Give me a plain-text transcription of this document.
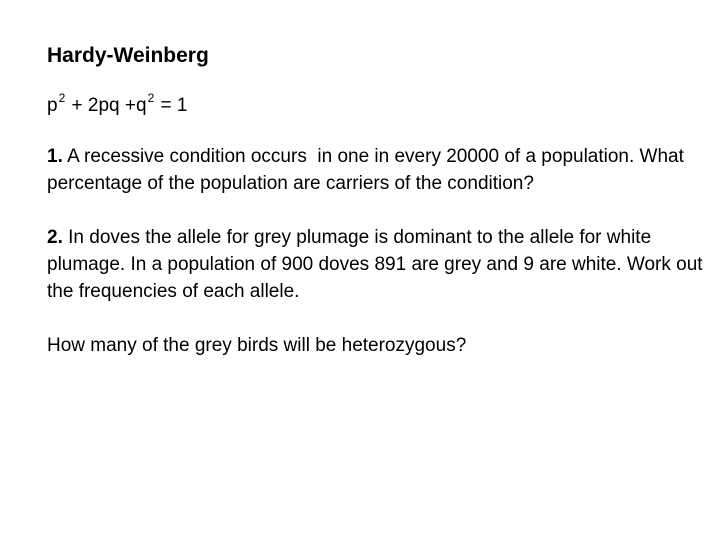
Hardy-Weinberg
$p^2 + 2pq +q^2 = 1$
1. A recessive condition occurs  in one in every 20000 of a population. What percentage of the population are carriers of the condition?
2. In doves the allele for grey plumage is dominant to the allele for white plumage. In a population of 900 doves 891 are grey and 9 are white. Work out the frequencies of each allele.
How many of the grey birds will be heterozygous?
